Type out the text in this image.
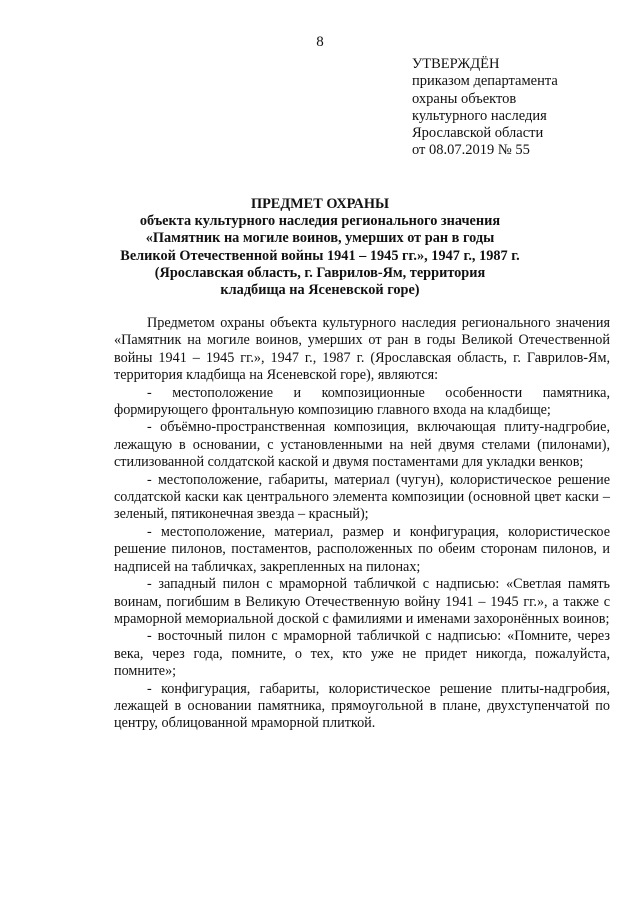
8
УТВЕРЖДЁН
приказом департамента
охраны объектов
культурного наследия
Ярославской области
от 08.07.2019 № 55
ПРЕДМЕТ ОХРАНЫ
объекта культурного наследия регионального значения
«Памятник на могиле воинов, умерших от ран в годы
Великой Отечественной войны 1941 – 1945 гг.», 1947 г., 1987 г.
(Ярославская область, г. Гаврилов-Ям, территория
кладбища на Ясеневской горе)

Предметом охраны объекта культурного наследия регионального значения «Памятник на могиле воинов, умерших от ран в годы Великой Отечественной войны 1941 – 1945 гг.», 1947 г., 1987 г. (Ярославская область, г. Гаврилов-Ям, территория кладбища на Ясеневской горе), являются:

- местоположение и композиционные особенности памятника, формирующего фронтальную композицию главного входа на кладбище;

- объёмно-пространственная композиция, включающая плиту-надгробие, лежащую в основании, с установленными на ней двумя стелами (пилонами), стилизованной солдатской каской и двумя постаментами для укладки венков;

- местоположение, габариты, материал (чугун), колористическое решение солдатской каски как центрального элемента композиции (основной цвет каски – зеленый, пятиконечная звезда – красный);

- местоположение, материал, размер и конфигурация, колористическое решение пилонов, постаментов, расположенных по обеим сторонам пилонов, и надписей на табличках, закрепленных на пилонах;

- западный пилон с мраморной табличкой с надписью: «Светлая память воинам, погибшим в Великую Отечественную войну 1941 – 1945 гг.», а также с мраморной мемориальной доской с фамилиями и именами захоронённых воинов;

- восточный пилон с мраморной табличкой с надписью: «Помните, через века, через года, помните, о тех, кто уже не придет никогда, пожалуйста, помните»;

- конфигурация, габариты, колористическое решение плиты-надгробия, лежащей в основании памятника, прямоугольной в плане, двухступенчатой по центру, облицованной мраморной плиткой.
